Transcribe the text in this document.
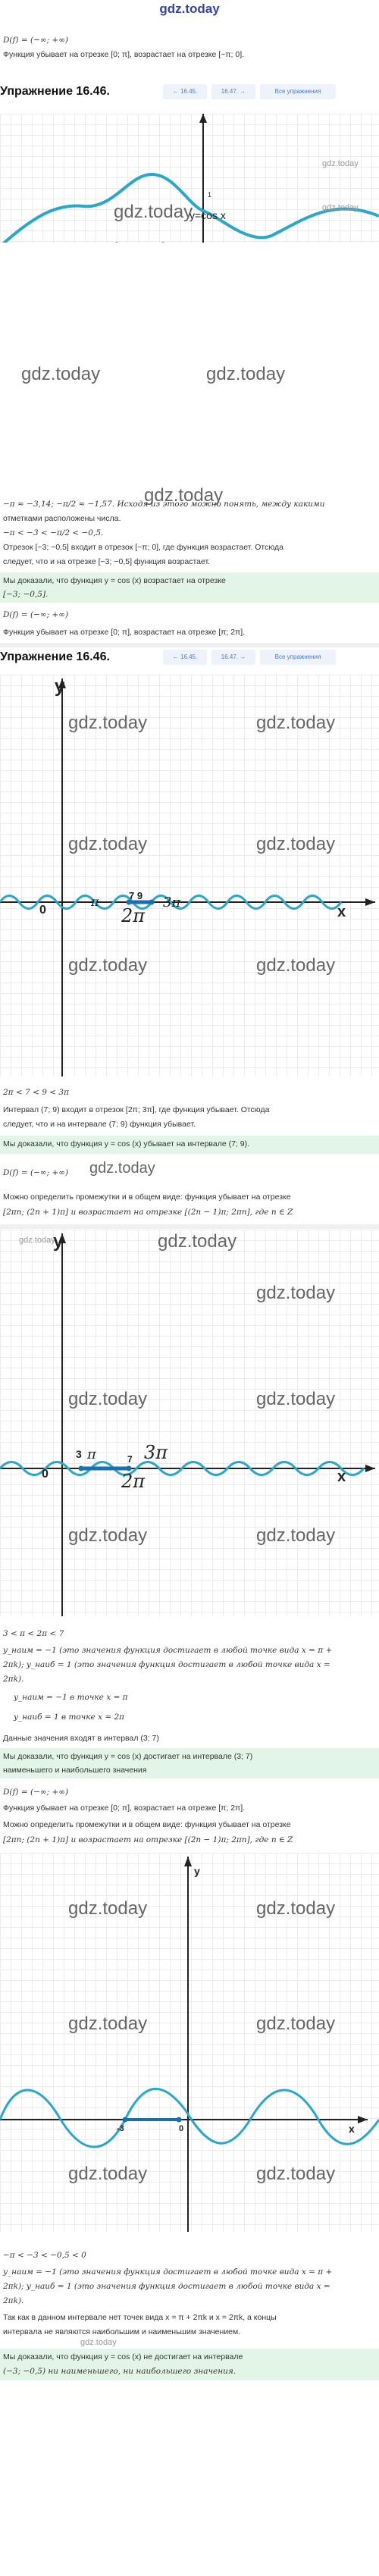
gdz.today
D(f) = (−∞; +∞)
Функция убывает на отрезке [0; π], возрастает на отрезке [−π; 0].
Упражнение 16.46.	← 16.45.	16.47. →	Все упражнения
gdz.today
gdz.today
y=cos x
1
gdz.today
gdz.today	gdz.today
gdz.today
−π ≈ −3,14; −π/2 ≈ −1,57. Исходя из этого можно понять, между какими
отметками расположены числа.
−π < −3 < −π/2 < −0,5.
Отрезок [−3; −0,5] входит в отрезок [−π; 0], где функция возрастает. Отсюда
следует, что и на отрезке [−3; −0,5] функция возрастает.
Мы доказали, что функция y = cos (x) возрастает на отрезке
[−3; −0,5].
D(f) = (−∞; +∞)
Функция убывает на отрезке [0; π], возрастает на отрезке [π; 2π].
Упражнение 16.46.	← 16.45.	16.47. →	Все упражнения
y
x
0
π	7 9
2π
3π
gdz.today	gdz.today
gdz.today	gdz.today
gdz.today	gdz.today
2π < 7 < 9 < 3π
Интервал (7; 9) входит в отрезок [2π; 3π], где функция убывает. Отсюда
следует, что и на интервале (7; 9) функция убывает.
Мы доказали, что функция y = cos (x) убывает на интервале (7; 9).
D(f) = (−∞; +∞)	gdz.today
Можно определить промежутки и в общем виде: функция убывает на отрезке
[2πn; (2n + 1)π] и возрастает на отрезке [(2n − 1)π; 2πn], где n ∈ Z
y
x
0
3 π	7
2π
3π
gdz.today	gdz.today
gdz.today
gdz.today	gdz.today
gdz.today	gdz.today
3 < π < 2π < 7
y_наим = −1 (это значения функция достигает в любой точке вида x = π +
2πk); y_наиб = 1 (это значения функция достигает в любой точке вида x =
2πk).
y_наим = −1 в точке x = π
y_наиб = 1 в точке x = 2π
Данные значения входят в интервал (3; 7)
Мы доказали, что функция y = cos (x) достигает на интервале (3; 7)
наименьшего и наибольшего значения
D(f) = (−∞; +∞)
Функция убывает на отрезке [0; π], возрастает на отрезке [π; 2π].
Можно определить промежутки и в общем виде: функция убывает на отрезке
[2πn; (2n + 1)π] и возрастает на отрезке [(2n − 1)π; 2πn], где n ∈ Z
y
x
0
-3
gdz.today	gdz.today
gdz.today	gdz.today
gdz.today	gdz.today
−π < −3 < −0,5 < 0
y_наим = −1 (это значения функция достигает в любой точке вида x = π +
2πk); y_наиб = 1 (это значения функция достигает в любой точке вида x =
2πk).
Так как в данном интервале нет точек вида x = π + 2πk и x = 2πk, а концы
интервала не являются наибольшим и наименьшим значением.
gdz.today
Мы доказали, что функция y = cos (x) не достигает на интервале
(−3; −0,5) ни наименьшего, ни наибольшего значения.
